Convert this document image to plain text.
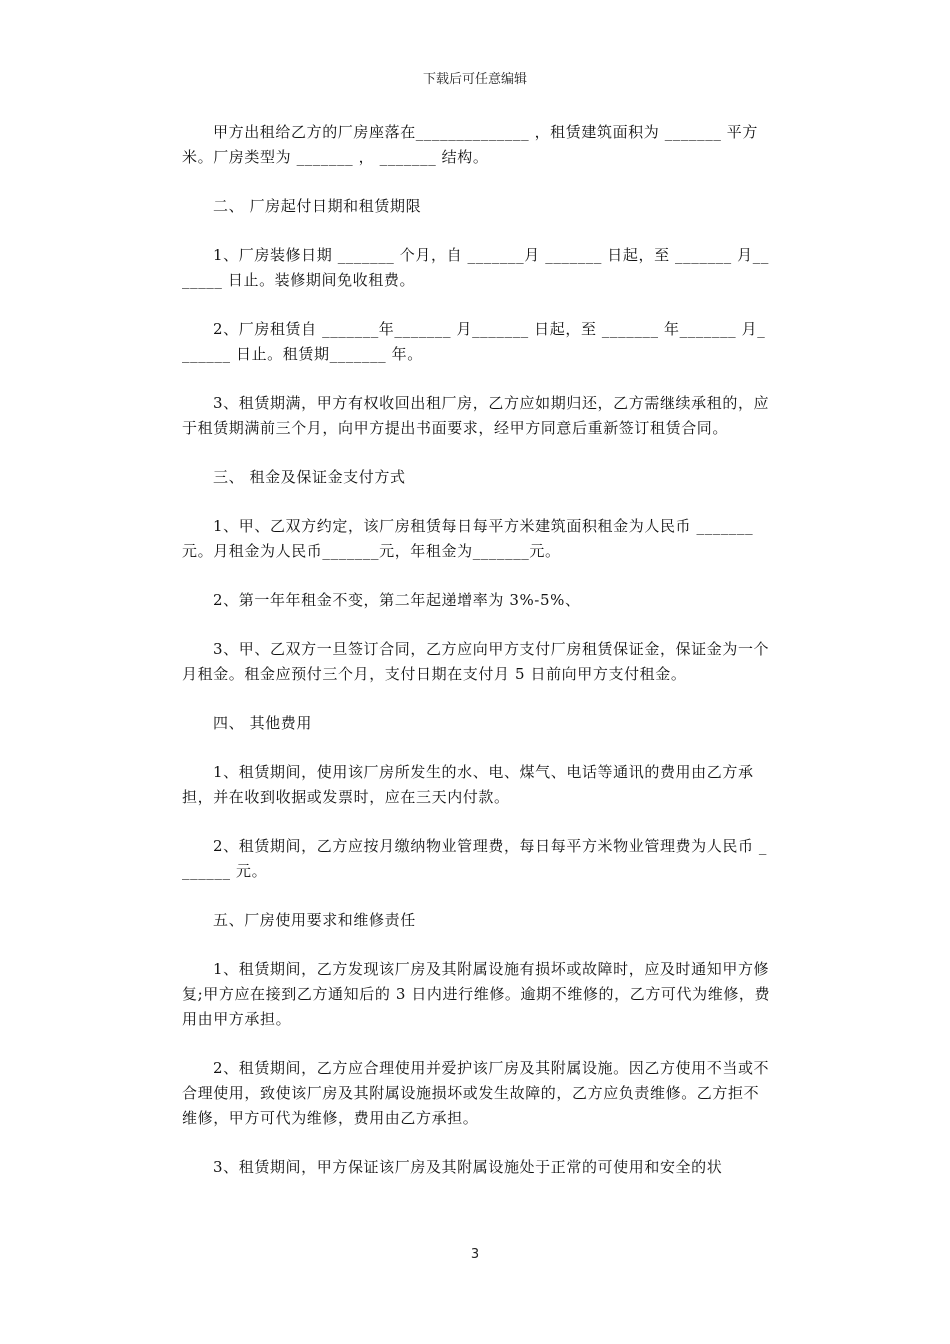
下载后可任意编辑

甲方出租给乙方的厂房座落在______________ ，租赁建筑面积为 _______ 平方米。厂房类型为 _______ ， _______ 结构。

二、 厂房起付日期和租赁期限

1、厂房装修日期 _______ 个月，自 _______月 _______ 日起，至 _______ 月_______ 日止。装修期间免收租费。

2、厂房租赁自 _______年_______ 月_______ 日起，至 _______ 年_______ 月_______ 日止。租赁期_______ 年。

3、租赁期满，甲方有权收回出租厂房，乙方应如期归还，乙方需继续承租的，应于租赁期满前三个月，向甲方提出书面要求，经甲方同意后重新签订租赁合同。

三、 租金及保证金支付方式

1、甲、乙双方约定，该厂房租赁每日每平方米建筑面积租金为人民币 _______元。月租金为人民币_______元，年租金为_______元。

2、第一年年租金不变，第二年起递增率为 3%-5%、

3、甲、乙双方一旦签订合同，乙方应向甲方支付厂房租赁保证金，保证金为一个月租金。租金应预付三个月，支付日期在支付月 5 日前向甲方支付租金。

四、 其他费用

1、租赁期间，使用该厂房所发生的水、电、煤气、电话等通讯的费用由乙方承担，并在收到收据或发票时，应在三天内付款。

2、租赁期间，乙方应按月缴纳物业管理费，每日每平方米物业管理费为人民币 _______ 元。

五、厂房使用要求和维修责任

1、租赁期间，乙方发现该厂房及其附属设施有损坏或故障时，应及时通知甲方修复;甲方应在接到乙方通知后的 3 日内进行维修。逾期不维修的，乙方可代为维修，费用由甲方承担。

2、租赁期间，乙方应合理使用并爱护该厂房及其附属设施。因乙方使用不当或不合理使用，致使该厂房及其附属设施损坏或发生故障的，乙方应负责维修。乙方拒不维修，甲方可代为维修，费用由乙方承担。

3、租赁期间，甲方保证该厂房及其附属设施处于正常的可使用和安全的状

3
